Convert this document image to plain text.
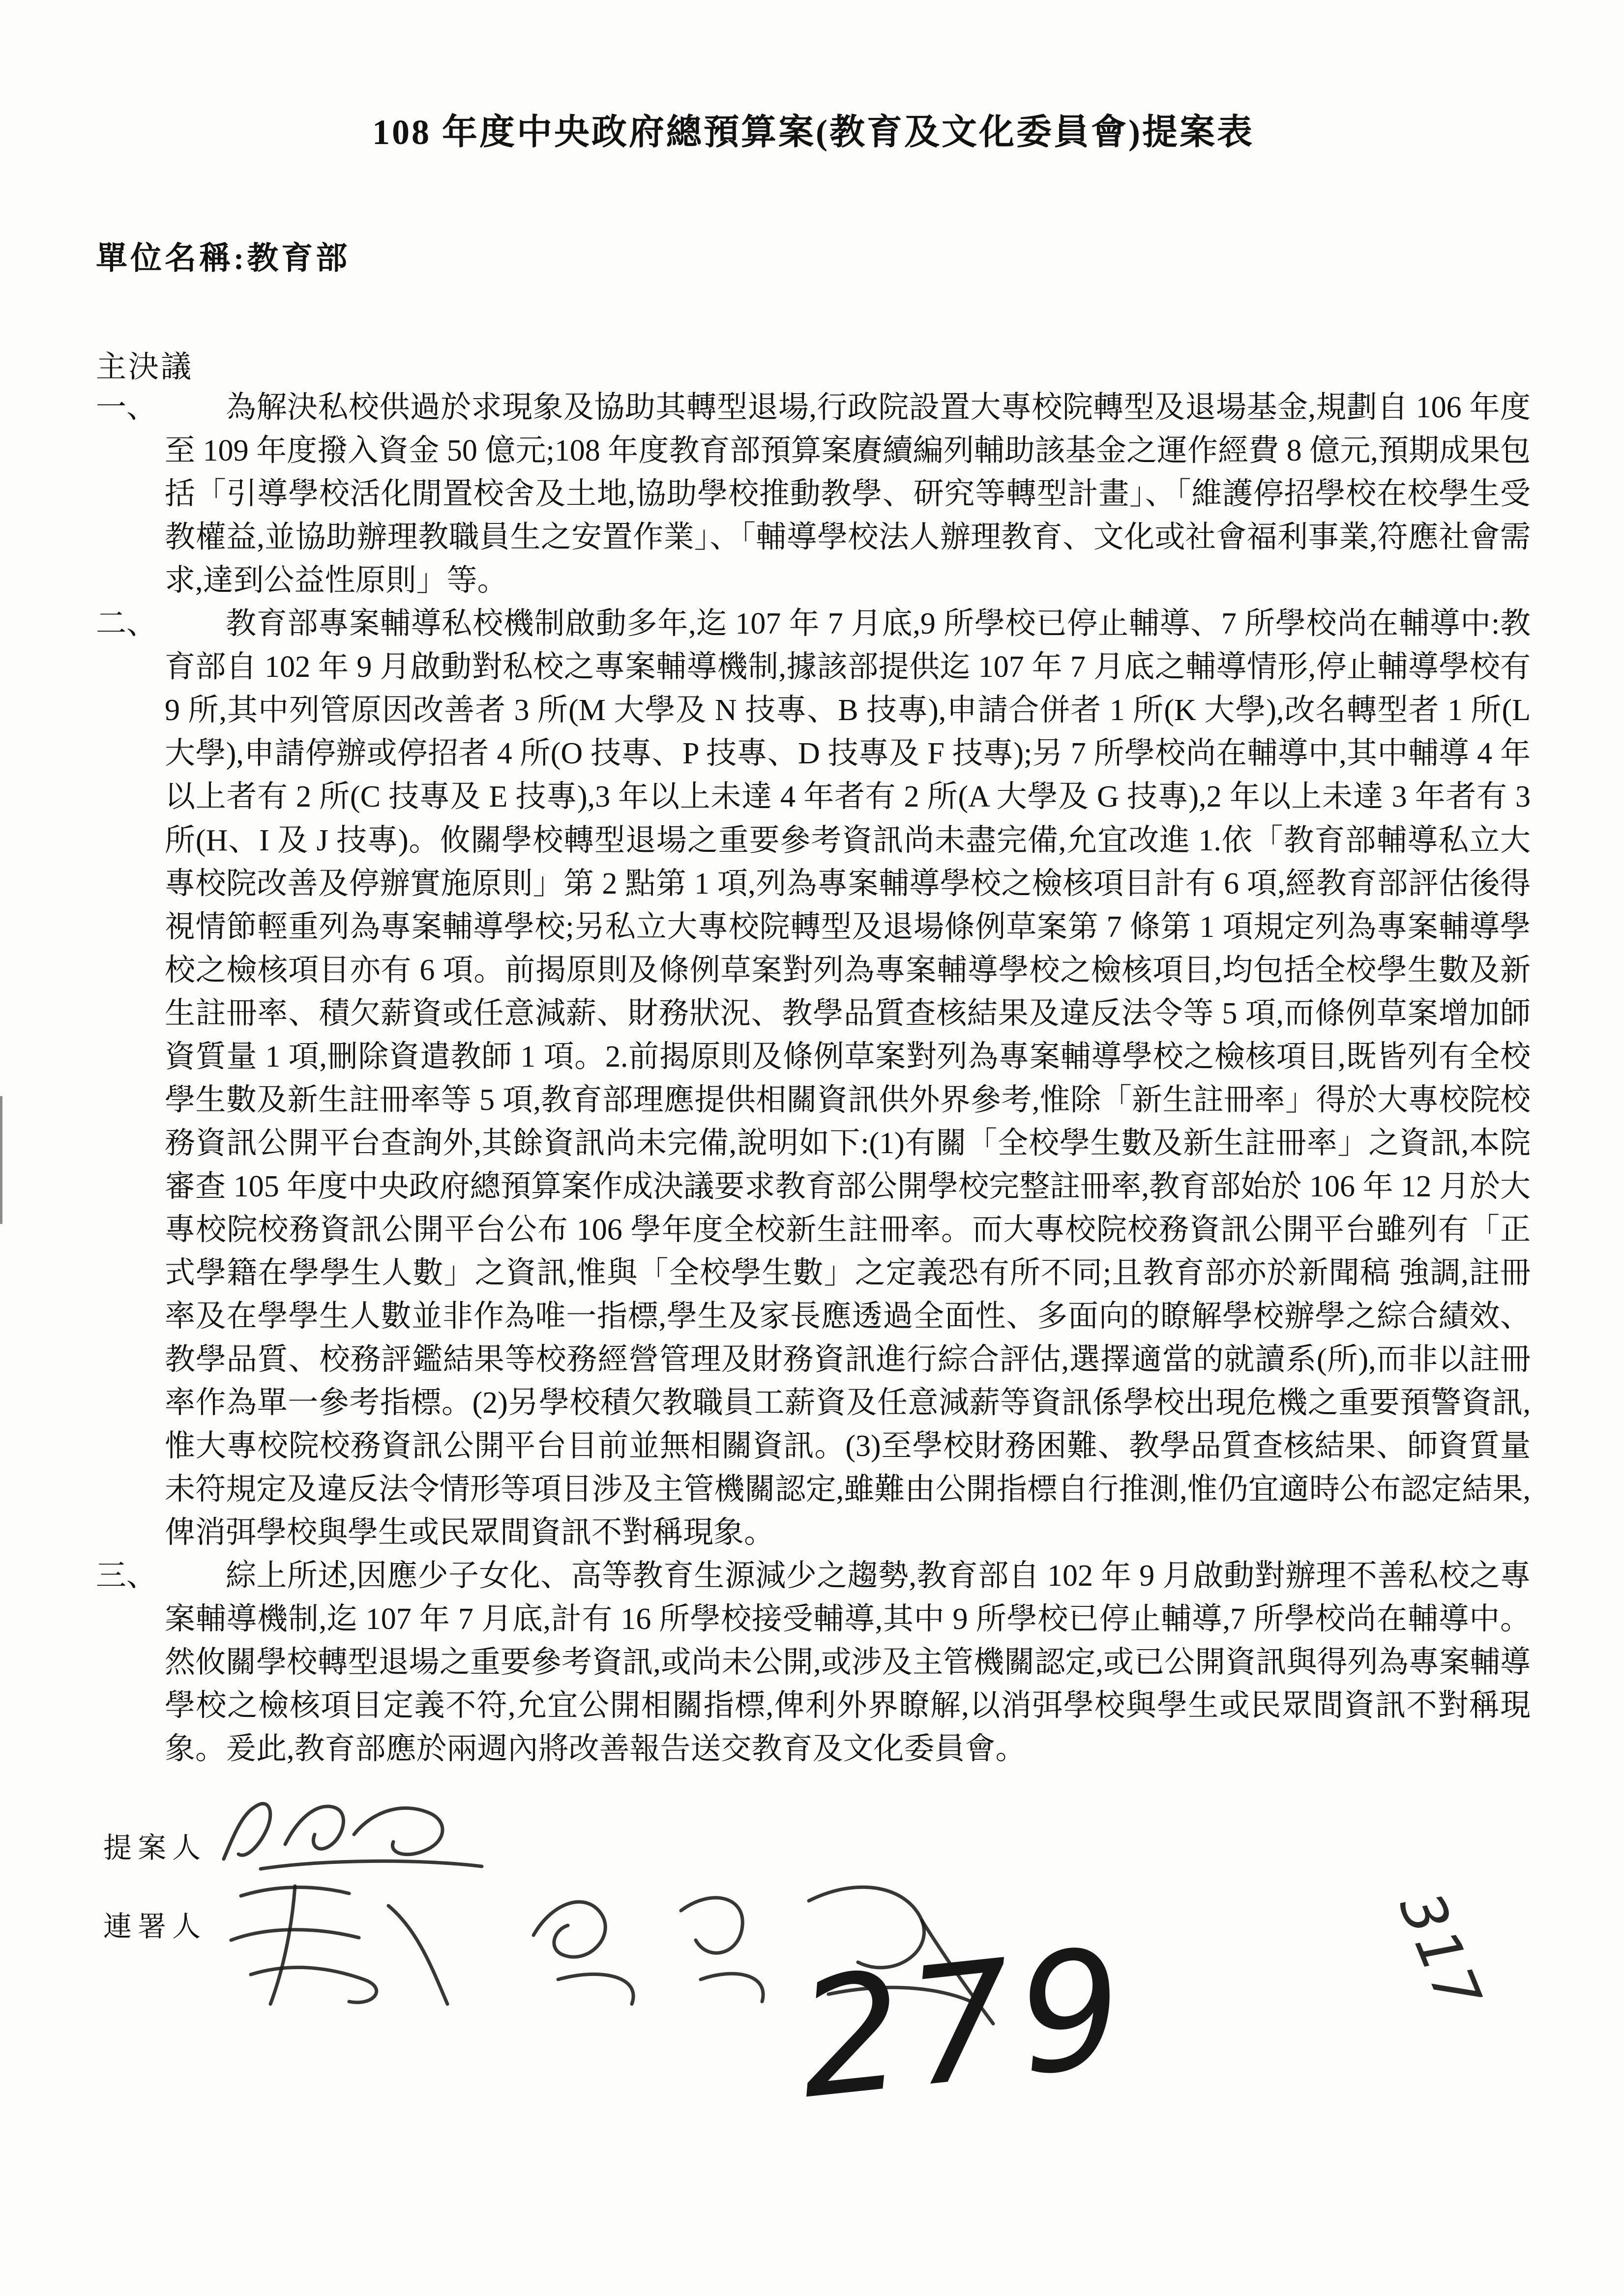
108 年度中央政府總預算案(教育及文化委員會)提案表
單位名稱:教育部
主決議
一、	為解決私校供過於求現象及協助其轉型退場,行政院設置大專校院轉型及退場基金,規劃自 106 年度至 109 年度撥入資金 50 億元;108 年度教育部預算案賡續編列輔助該基金之運作經費 8 億元,預期成果包括「引導學校活化閒置校舍及土地,協助學校推動教學、研究等轉型計畫」、「維護停招學校在校學生受教權益,並協助辦理教職員生之安置作業」、「輔導學校法人辦理教育、文化或社會福利事業,符應社會需求,達到公益性原則」等。
二、	教育部專案輔導私校機制啟動多年,迄 107 年 7 月底,9 所學校已停止輔導、7 所學校尚在輔導中:教育部自 102 年 9 月啟動對私校之專案輔導機制,據該部提供迄 107 年 7 月底之輔導情形,停止輔導學校有 9 所,其中列管原因改善者 3 所(M 大學及 N 技專、B 技專),申請合併者 1 所(K 大學),改名轉型者 1 所(L 大學),申請停辦或停招者 4 所(O 技專、P 技專、D 技專及 F 技專);另 7 所學校尚在輔導中,其中輔導 4 年以上者有 2 所(C 技專及 E 技專),3 年以上未達 4 年者有 2 所(A 大學及 G 技專),2 年以上未達 3 年者有 3 所(H、I 及 J 技專)。攸關學校轉型退場之重要參考資訊尚未盡完備,允宜改進 1.依「教育部輔導私立大專校院改善及停辦實施原則」第 2 點第 1 項,列為專案輔導學校之檢核項目計有 6 項,經教育部評估後得視情節輕重列為專案輔導學校;另私立大專校院轉型及退場條例草案第 7 條第 1 項規定列為專案輔導學校之檢核項目亦有 6 項。前揭原則及條例草案對列為專案輔導學校之檢核項目,均包括全校學生數及新生註冊率、積欠薪資或任意減薪、財務狀況、教學品質查核結果及違反法令等 5 項,而條例草案增加師資質量 1 項,刪除資遣教師 1 項。2.前揭原則及條例草案對列為專案輔導學校之檢核項目,既皆列有全校學生數及新生註冊率等 5 項,教育部理應提供相關資訊供外界參考,惟除「新生註冊率」得於大專校院校務資訊公開平台查詢外,其餘資訊尚未完備,說明如下:(1)有關「全校學生數及新生註冊率」之資訊,本院審查 105 年度中央政府總預算案作成決議要求教育部公開學校完整註冊率,教育部始於 106 年 12 月於大專校院校務資訊公開平台公布 106 學年度全校新生註冊率。而大專校院校務資訊公開平台雖列有「正式學籍在學學生人數」之資訊,惟與「全校學生數」之定義恐有所不同;且教育部亦於新聞稿 強調,註冊率及在學學生人數並非作為唯一指標,學生及家長應透過全面性、多面向的瞭解學校辦學之綜合績效、教學品質、校務評鑑結果等校務經營管理及財務資訊進行綜合評估,選擇適當的就讀系(所),而非以註冊率作為單一參考指標。(2)另學校積欠教職員工薪資及任意減薪等資訊係學校出現危機之重要預警資訊,惟大專校院校務資訊公開平台目前並無相關資訊。(3)至學校財務困難、教學品質查核結果、師資質量未符規定及違反法令情形等項目涉及主管機關認定,雖難由公開指標自行推測,惟仍宜適時公布認定結果,俾消弭學校與學生或民眾間資訊不對稱現象。
三、	綜上所述,因應少子女化、高等教育生源減少之趨勢,教育部自 102 年 9 月啟動對辦理不善私校之專案輔導機制,迄 107 年 7 月底,計有 16 所學校接受輔導,其中 9 所學校已停止輔導,7 所學校尚在輔導中。然攸關學校轉型退場之重要參考資訊,或尚未公開,或涉及主管機關認定,或已公開資訊與得列為專案輔導學校之檢核項目定義不符,允宜公開相關指標,俾利外界瞭解,以消弭學校與學生或民眾間資訊不對稱現象。爰此,教育部應於兩週內將改善報告送交教育及文化委員會。
提案人
連署人	279	317
